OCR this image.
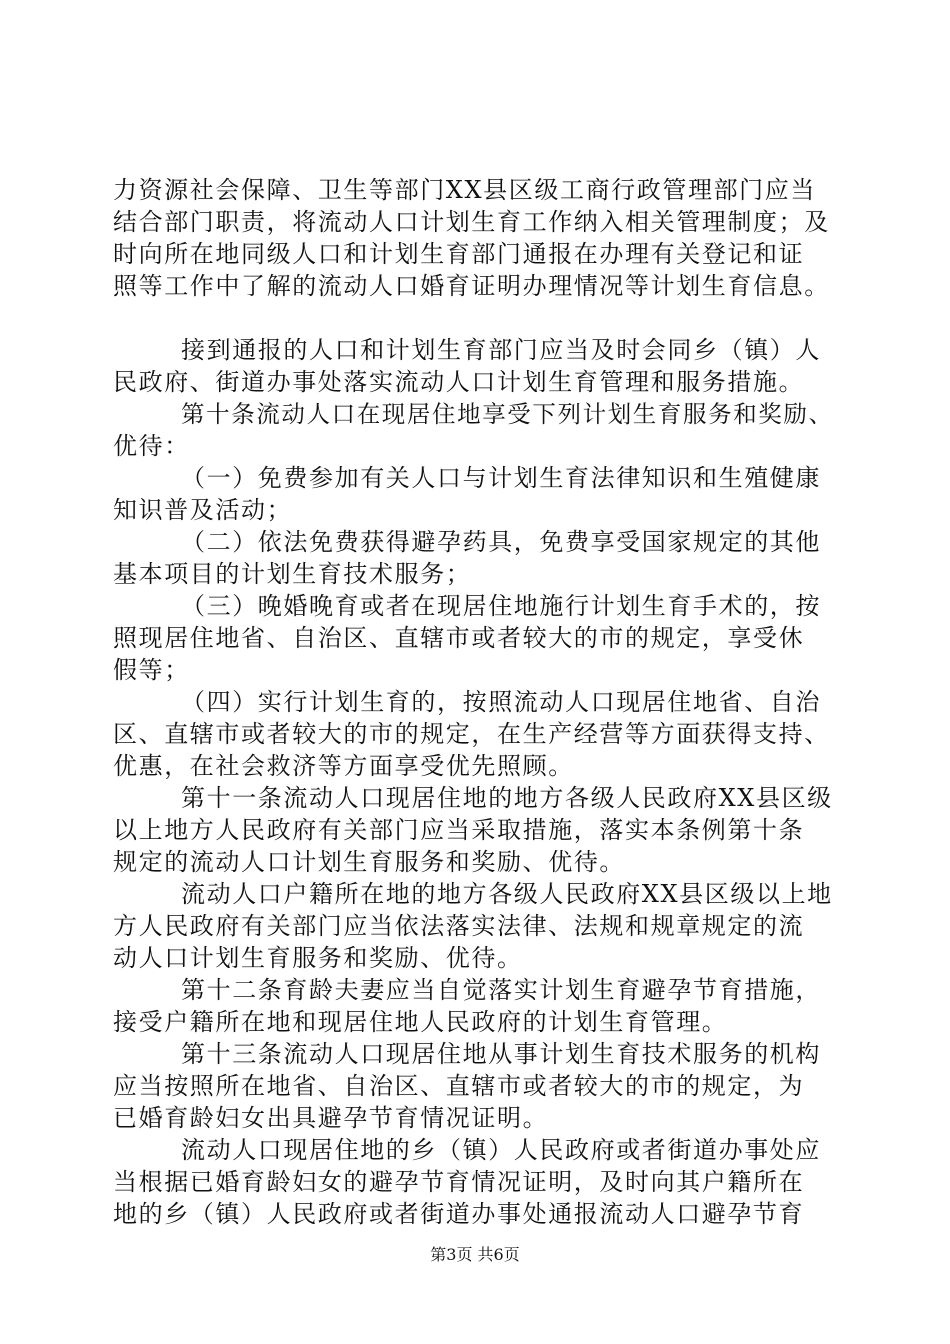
力资源社会保障、卫生等部门XX县区级工商行政管理部门应当
结合部门职责，将流动人口计划生育工作纳入相关管理制度；及
时向所在地同级人口和计划生育部门通报在办理有关登记和证
照等工作中了解的流动人口婚育证明办理情况等计划生育信息。
接到通报的人口和计划生育部门应当及时会同乡（镇）人
民政府、街道办事处落实流动人口计划生育管理和服务措施。
第十条流动人口在现居住地享受下列计划生育服务和奖励、
优待：
（一）免费参加有关人口与计划生育法律知识和生殖健康
知识普及活动；
（二）依法免费获得避孕药具，免费享受国家规定的其他
基本项目的计划生育技术服务；
（三）晚婚晚育或者在现居住地施行计划生育手术的，按
照现居住地省、自治区、直辖市或者较大的市的规定，享受休
假等；
（四）实行计划生育的，按照流动人口现居住地省、自治
区、直辖市或者较大的市的规定，在生产经营等方面获得支持、
优惠，在社会救济等方面享受优先照顾。
第十一条流动人口现居住地的地方各级人民政府XX县区级
以上地方人民政府有关部门应当采取措施，落实本条例第十条
规定的流动人口计划生育服务和奖励、优待。
流动人口户籍所在地的地方各级人民政府XX县区级以上地
方人民政府有关部门应当依法落实法律、法规和规章规定的流
动人口计划生育服务和奖励、优待。
第十二条育龄夫妻应当自觉落实计划生育避孕节育措施，
接受户籍所在地和现居住地人民政府的计划生育管理。
第十三条流动人口现居住地从事计划生育技术服务的机构
应当按照所在地省、自治区、直辖市或者较大的市的规定，为
已婚育龄妇女出具避孕节育情况证明。
流动人口现居住地的乡（镇）人民政府或者街道办事处应
当根据已婚育龄妇女的避孕节育情况证明，及时向其户籍所在
地的乡（镇）人民政府或者街道办事处通报流动人口避孕节育
第3页 共6页
